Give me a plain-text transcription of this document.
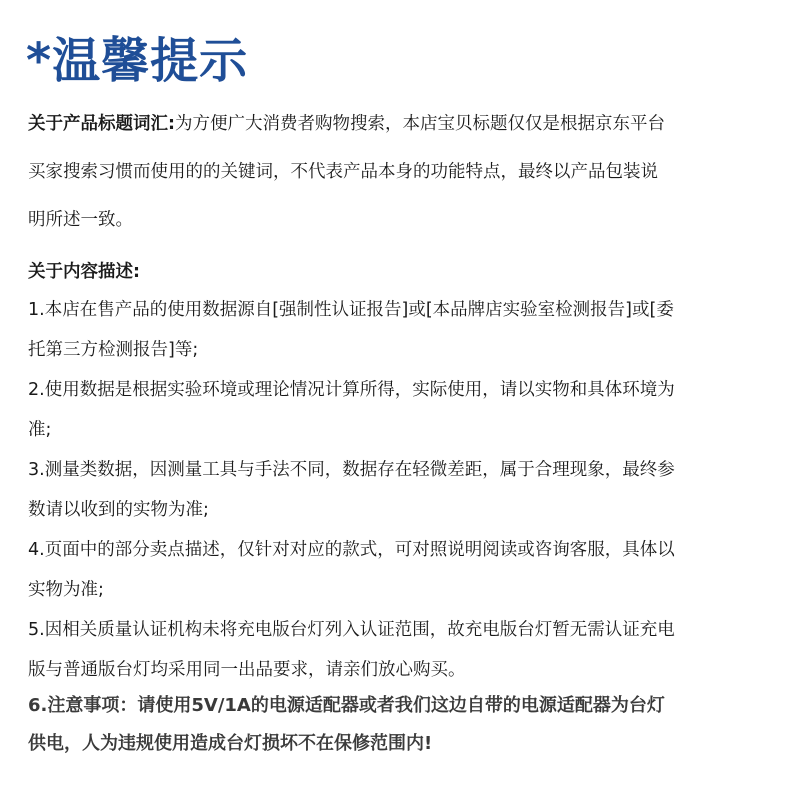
*温馨提示
关于产品标题词汇:为方便广大消费者购物搜索，本店宝贝标题仅仅是根据京东平台
买家搜索习惯而使用的的关键词，不代表产品本身的功能特点，最终以产品包装说
明所述一致。
关于内容描述:
1.本店在售产品的使用数据源自[强制性认证报告]或[本品牌店实验室检测报告]或[委
托第三方检测报告]等;
2.使用数据是根据实验环境或理论情况计算所得，实际使用，请以实物和具体环境为
准;
3.测量类数据，因测量工具与手法不同，数据存在轻微差距，属于合理现象，最终参
数请以收到的实物为准;
4.页面中的部分卖点描述，仅针对对应的款式，可对照说明阅读或咨询客服，具体以
实物为准;
5.因相关质量认证机构未将充电版台灯列入认证范围，故充电版台灯暂无需认证充电
版与普通版台灯均采用同一出品要求，请亲们放心购买。
6.注意事项：请使用5V/1A的电源适配器或者我们这边自带的电源适配器为台灯
供电，人为违规使用造成台灯损坏不在保修范围内!
